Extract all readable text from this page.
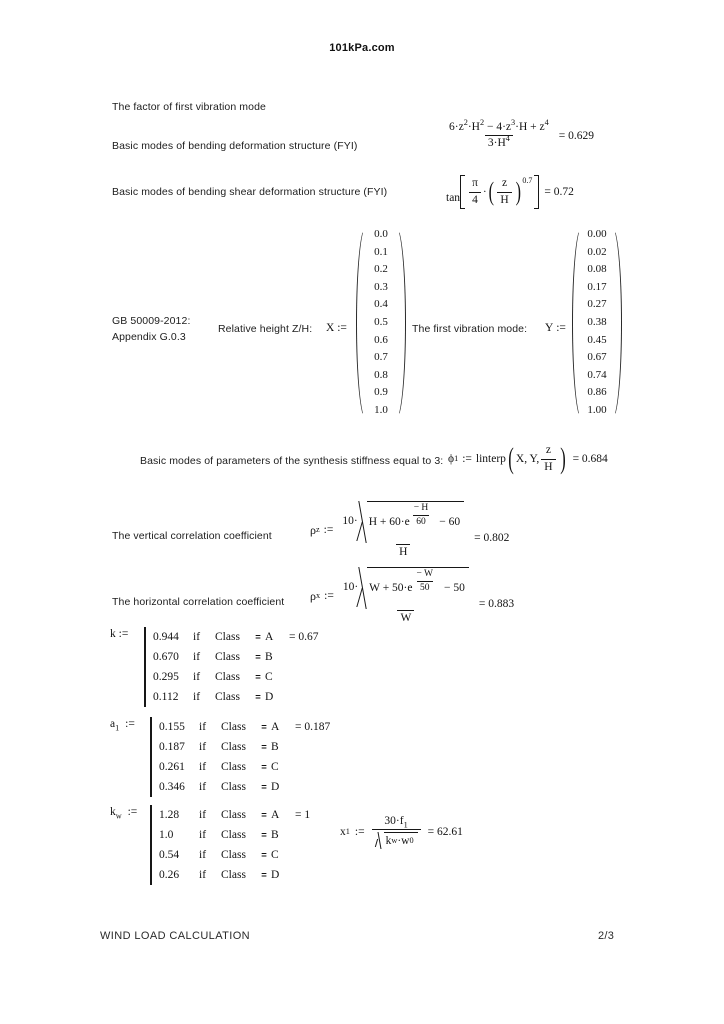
101kPa.com
The factor of first vibration mode
Basic modes of bending deformation structure (FYI)	$\frac{6\cdot z^2\cdot H^2 - 4\cdot z^3\cdot H + z^4}{3\cdot H^4} = 0.629$
Basic modes of bending shear deformation structure (FYI)	$\tan \frac{\pi}{4}$ · ( $\frac{z}{H}$ ) 0.7
= 0.72
GB 50009-2012:
Appendix G.0.3
Relative height Z/H: X :=
0.0
0.1
0.2
0.3
0.4
0.5
0.6
0.7
0.8
0.9
1.0
The first vibration mode: Y :=
0.00
0.02
0.08
0.17
0.27
0.38
0.45
0.67
0.74
0.86
1.00
Basic modes of parameters of the synthesis stiffness equal to 3: ϕ 1 := linterp ( X, Y, $\frac{z}{H}$ ) = 0.684
The vertical correlation coefficient	ρ z :=
$10\cdot H + 60\cdot e \frac{- H}{60} - 60$
H
= 0.802
The horizontal correlation coefficient ρ x :=
$10\cdot W + 50\cdot e \frac{- W}{50} - 50$
W
= 0.883
k :=	0.944	if	Class	= A	= 0.67
0.670	if	Class	= B
0.295	if	Class	= C
0.112	if	Class	= D
$a_1$ :=	0.155	if	Class	= A	= 0.187
0.187	if	Class	= B
0.261	if	Class	= C
0.346	if	Class	= D
$k_w$ :=	1.28	if	Class	= A	= 1
1.0	if	Class	= B
0.54	if	Class	= C
0.26	if	Class	= D
x 1 := $\frac{30\cdot f_1}{\text{k w ·w 0}} = 62.61$
WIND LOAD CALCULATION	2/3
